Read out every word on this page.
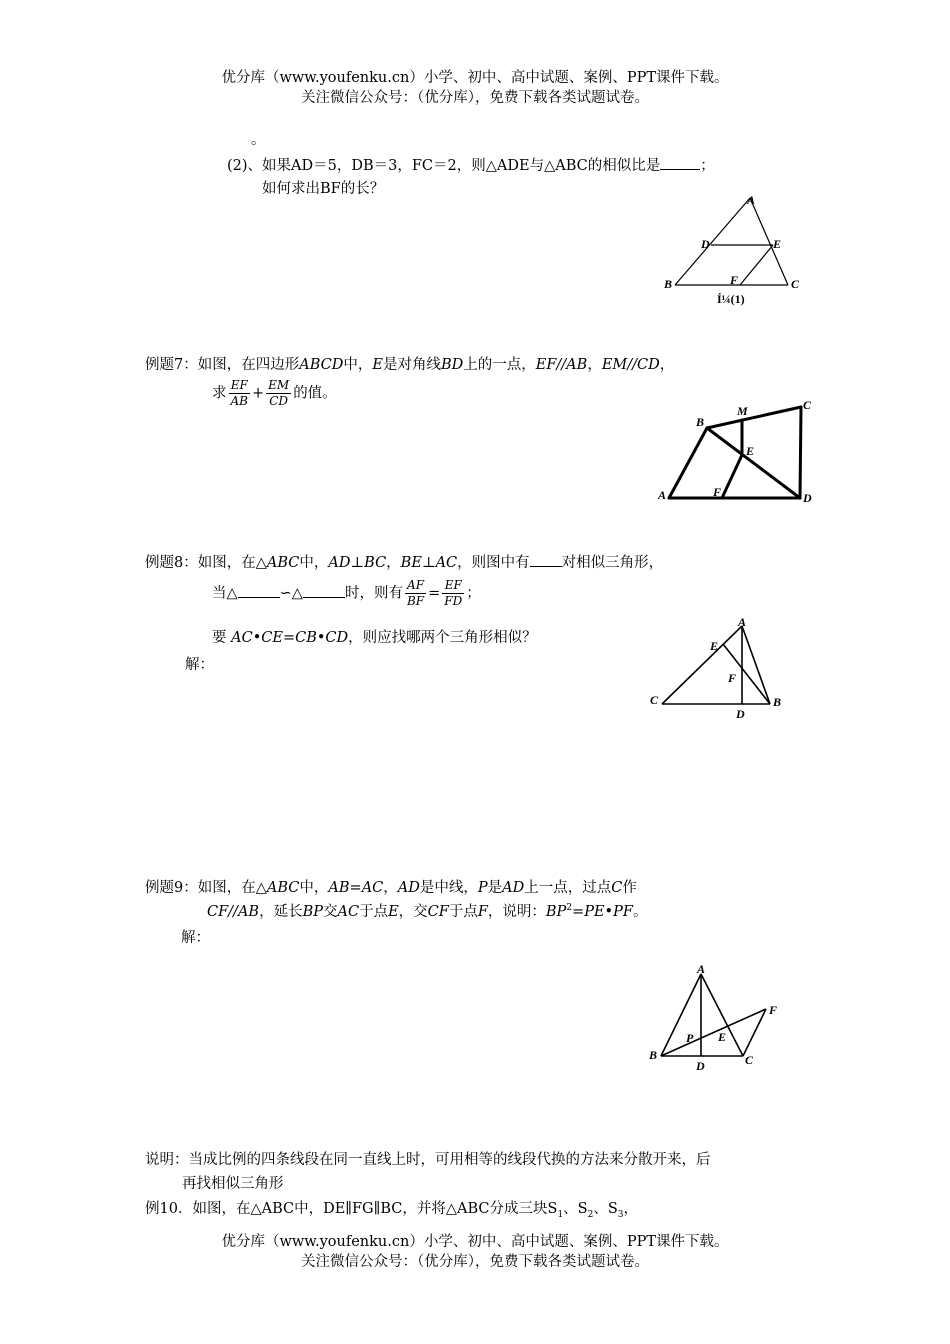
优分库（www.youfenku.cn）小学、初中、高中试题、案例、PPT课件下载。
关注微信公众号：（优分库），免费下载各类试题试卷。
。
(2)、如果AD＝5，DB＝3，FC＝2，则△ADE与△ABC的相似比是	；
如何求出BF的长？
A
D	E
F
B	C
Í¼(1)
例题7：如图，在四边形ABCD中，E是对角线BD上的一点，EF//AB，EM//CD，
求 $\frac{EF}{AB} + \frac{EM}{CD}$ 的值。
B
M	C
E
A	F	D
例题8：如图，在△ABC中，AD⊥BC，BE⊥AC，则图中有 对相似三角形，
当△	∽△	时，则有 $\frac{AF}{BF} = \frac{EF}{FD}$ ；
要 AC•CE=CB•CD，则应找哪两个三角形相似？
解：
A
E
F
C	B
D
例题9：如图，在△ABC中，AB=AC，AD是中线，P是AD上一点，过点C作
CF//AB，延长BP交AC于点E，交CF于点F，说明：$BP^2=PE•PF$。
解：
A
F
P E
B	C
D
说明：当成比例的四条线段在同一直线上时，可用相等的线段代换的方法来分散开来，后
再找相似三角形
例10．如图，在△ABC中，DE∥FG∥BC，并将△ABC分成三块$S_1$、$S_2$、$S_3$，
优分库（www.youfenku.cn）小学、初中、高中试题、案例、PPT课件下载。
关注微信公众号：（优分库），免费下载各类试题试卷。
